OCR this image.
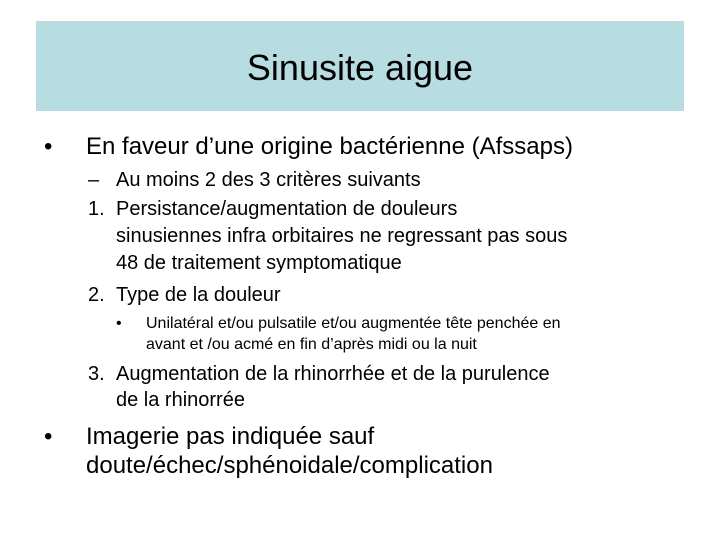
Sinusite aigue
• En faveur d’une origine bactérienne (Afssaps)
– Au moins 2 des 3 critères suivants
1. Persistance/augmentation de douleurs
sinusiennes infra orbitaires ne regressant pas sous
48 de traitement symptomatique
2. Type de la douleur
• Unilatéral et/ou pulsatile et/ou augmentée tête penchée en
avant et /ou acmé en fin d’après midi ou la nuit
3. Augmentation de la rhinorrhée et de la purulence
de la rhinorrée
• Imagerie pas indiquée sauf
doute/échec/sphénoidale/complication
